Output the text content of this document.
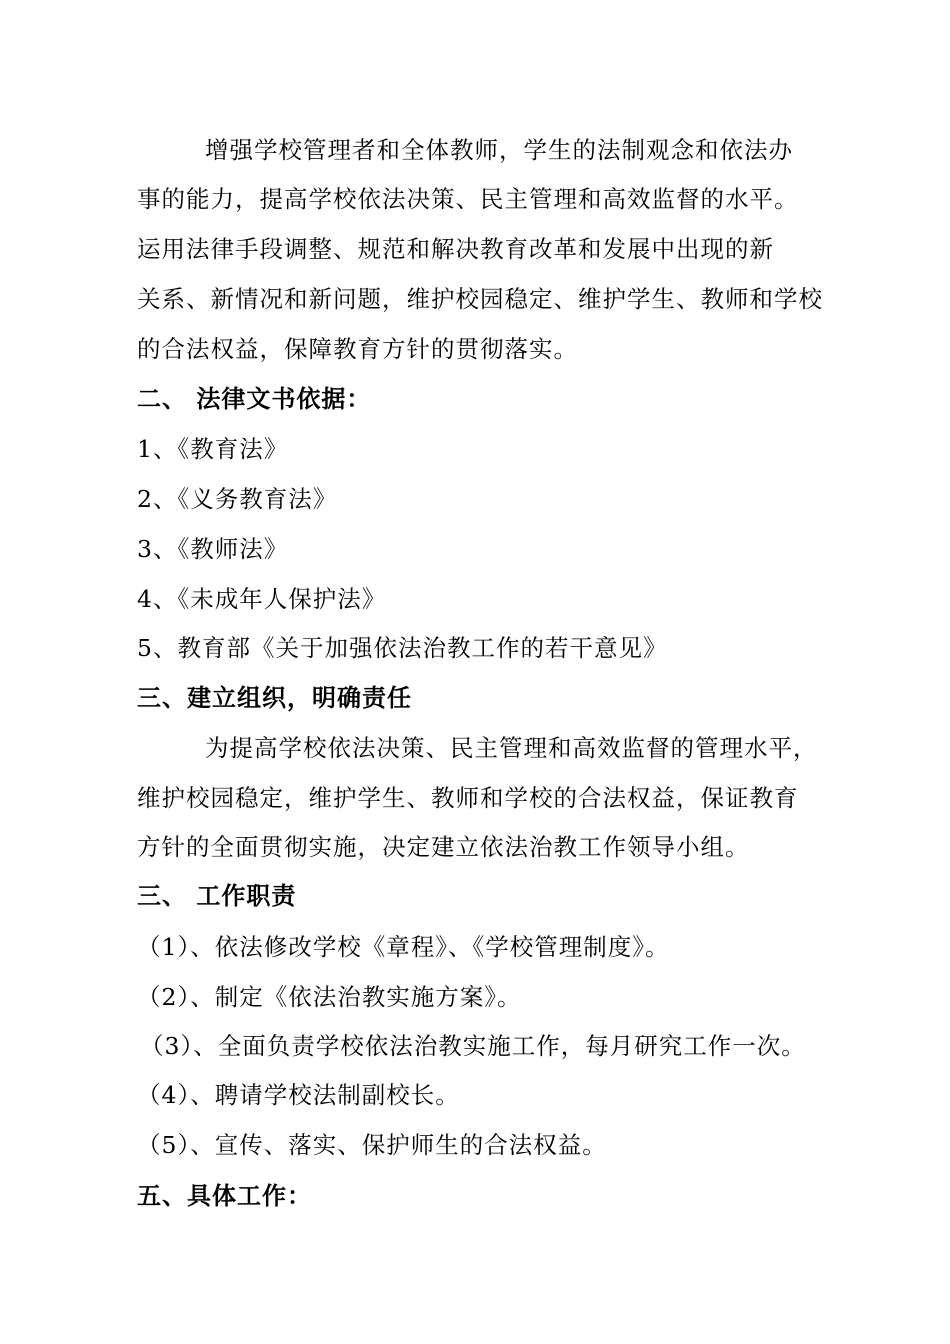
增强学校管理者和全体教师，学生的法制观念和依法办
事的能力，提高学校依法决策、民主管理和高效监督的水平。
运用法律手段调整、规范和解决教育改革和发展中出现的新
关系、新情况和新问题，维护校园稳定、维护学生、教师和学校
的合法权益，保障教育方针的贯彻落实。
二、 法律文书依据：
1、《教育法》
2、《义务教育法》
3、《教师法》
4、《未成年人保护法》
5、教育部《关于加强依法治教工作的若干意见》
三、建立组织，明确责任
为提高学校依法决策、民主管理和高效监督的管理水平，
维护校园稳定，维护学生、教师和学校的合法权益，保证教育
方针的全面贯彻实施，决定建立依法治教工作领导小组。
三、 工作职责
（1）、依法修改学校《章程》、《学校管理制度》。
（2）、制定《依法治教实施方案》。
（3）、全面负责学校依法治教实施工作，每月研究工作一次。
（4）、聘请学校法制副校长。
（5）、宣传、落实、保护师生的合法权益。
五、具体工作：
